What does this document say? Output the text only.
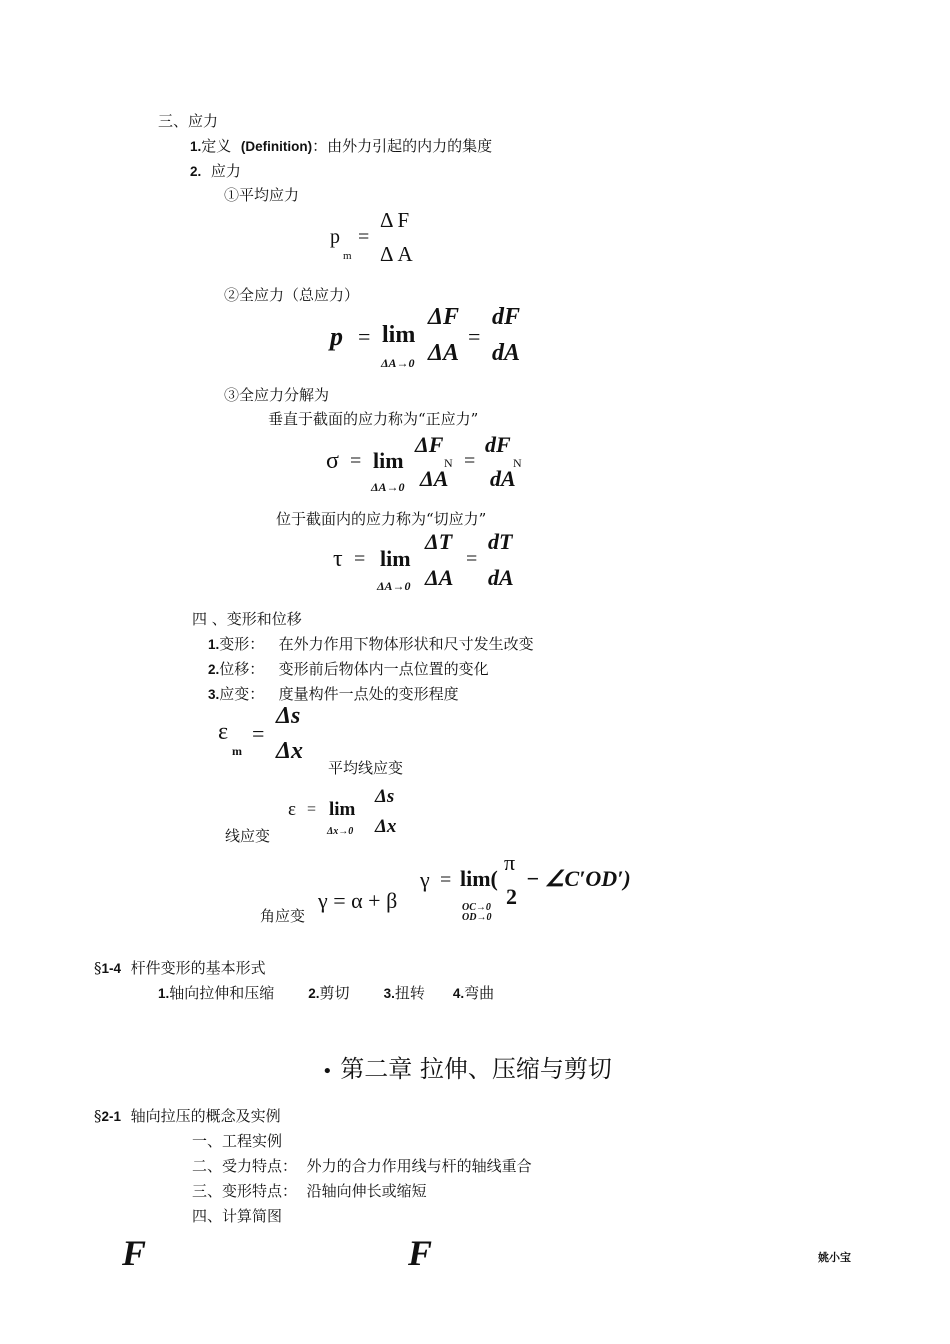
三、应力
1.定义 (Definition)：由外力引起的内力的集度
2. 应力
①平均应力
p
m
=
ΔF
ΔA
②全应力（总应力）
p = lim
ΔA→0
ΔF
ΔA
=
dF
dA
③全应力分解为
垂直于截面的应力称为“正应力”
σ = lim
ΔA→0
ΔF
N
ΔA
=
dF
N
dA
位于截面内的应力称为“切应力”
τ = lim
ΔA→0
ΔT
ΔA
=
dT
dA
四 、变形和位移
1.变形： 在外力作用下物体形状和尺寸发生改变
2.位移： 变形前后物体内一点位置的变化
3.应变： 度量构件一点处的变形程度
ε
m
=
Δs
Δx
平均线应变
ε = lim
Δx→0
Δs
Δx
线应变
角应变
γ = α + β
γ = lim(
OC→0
OD→0
π
2
− ∠C′OD′)
§1-4 杆件变形的基本形式
1.轴向拉伸和压缩	2.剪切	3.扭转 4.弯曲
• 第二章 拉伸、压缩与剪切
§2-1 轴向拉压的概念及实例
一、工程实例
二、受力特点： 外力的合力作用线与杆的轴线重合
三、变形特点： 沿轴向伸长或缩短
四、计算简图
F	F	姚小宝
